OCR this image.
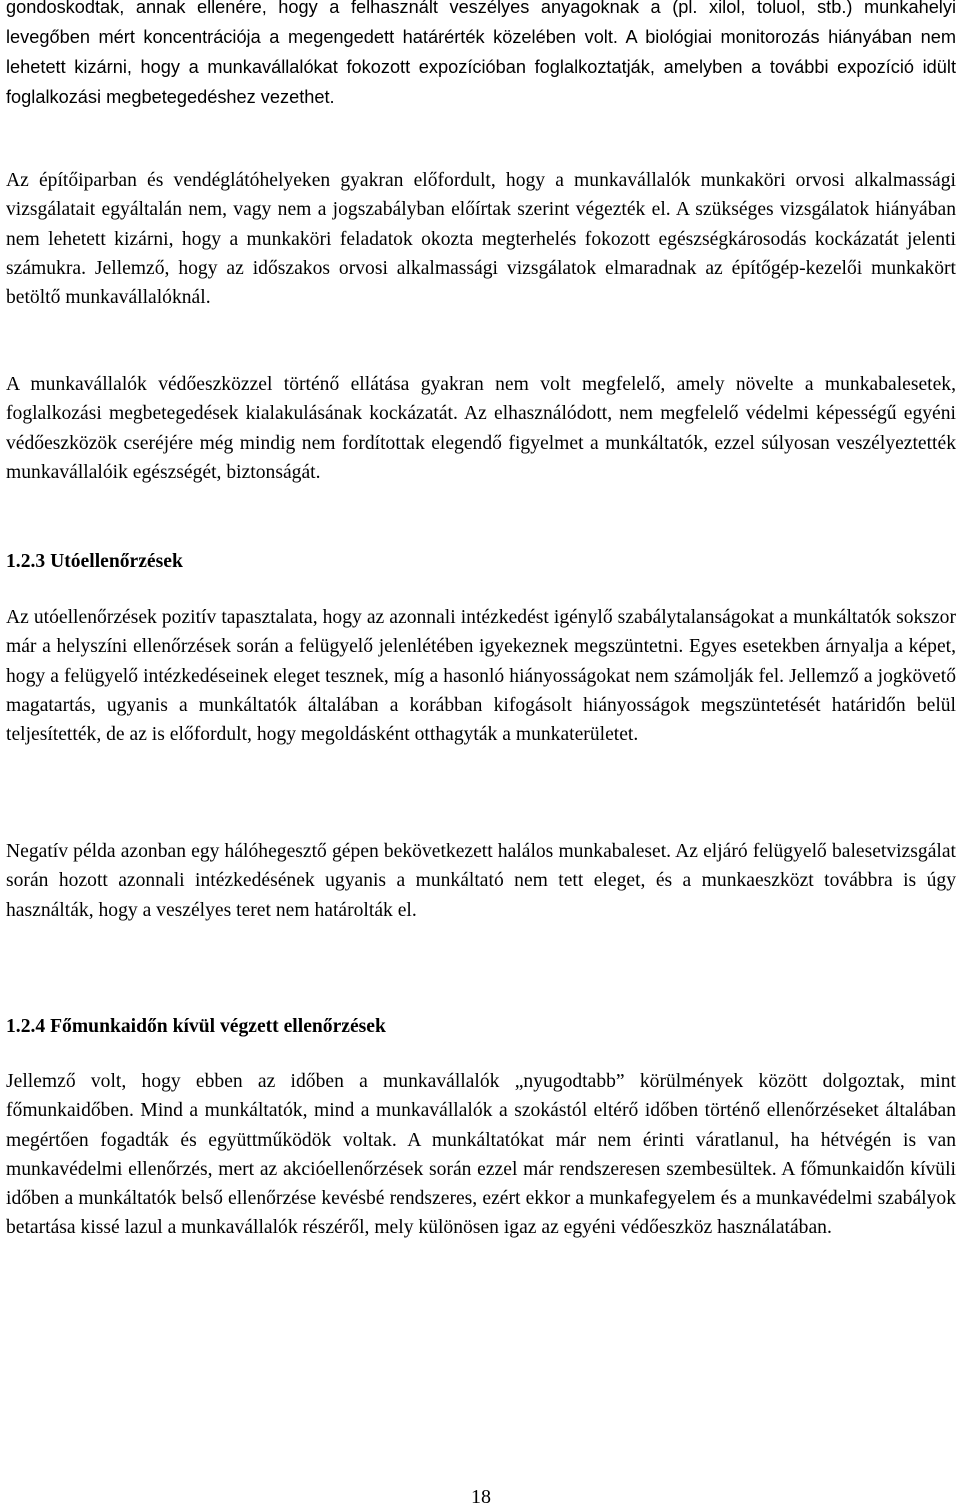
gondoskodtak, annak ellenére, hogy a felhasznált veszélyes anyagoknak a (pl. xilol, toluol, stb.) munkahelyi levegőben mért koncentrációja a megengedett határérték közelében volt. A biológiai monitorozás hiányában nem lehetett kizárni, hogy a munkavállalókat fokozott expozícióban foglalkoztatják, amelyben a további expozíció idült foglalkozási megbetegedéshez vezethet.

Az építőiparban és vendéglátóhelyeken gyakran előfordult, hogy a munkavállalók munkaköri orvosi alkalmassági vizsgálatait egyáltalán nem, vagy nem a jogszabályban előírtak szerint végezték el. A szükséges vizsgálatok hiányában nem lehetett kizárni, hogy a munkaköri feladatok okozta megterhelés fokozott egészségkárosodás kockázatát jelenti számukra. Jellemző, hogy az időszakos orvosi alkalmassági vizsgálatok elmaradnak az építőgép-kezelői munkakört betöltő munkavállalóknál.

A munkavállalók védőeszközzel történő ellátása gyakran nem volt megfelelő, amely növelte a munkabalesetek, foglalkozási megbetegedések kialakulásának kockázatát. Az elhasználódott, nem megfelelő védelmi képességű egyéni védőeszközök cseréjére még mindig nem fordítottak elegendő figyelmet a munkáltatók, ezzel súlyosan veszélyeztették munkavállalóik egészségét, biztonságát.

1.2.3 Utóellenőrzések

Az utóellenőrzések pozitív tapasztalata, hogy az azonnali intézkedést igénylő szabálytalanságokat a munkáltatók sokszor már a helyszíni ellenőrzések során a felügyelő jelenlétében igyekeznek megszüntetni. Egyes esetekben árnyalja a képet, hogy a felügyelő intézkedéseinek eleget tesznek, míg a hasonló hiányosságokat nem számolják fel. Jellemző a jogkövető magatartás, ugyanis a munkáltatók általában a korábban kifogásolt hiányosságok megszüntetését határidőn belül teljesítették, de az is előfordult, hogy megoldásként otthagyták a munkaterületet.

Negatív példa azonban egy hálóhegesztő gépen bekövetkezett halálos munkabaleset. Az eljáró felügyelő balesetvizsgálat során hozott azonnali intézkedésének ugyanis a munkáltató nem tett eleget, és a munkaeszközt továbbra is úgy használták, hogy a veszélyes teret nem határolták el.

1.2.4 Főmunkaidőn kívül végzett ellenőrzések

Jellemző volt, hogy ebben az időben a munkavállalók „nyugodtabb” körülmények között dolgoztak, mint főmunkaidőben. Mind a munkáltatók, mind a munkavállalók a szokástól eltérő időben történő ellenőrzéseket általában megértően fogadták és együttműködök voltak. A munkáltatókat már nem érinti váratlanul, ha hétvégén is van munkavédelmi ellenőrzés, mert az akcióellenőrzések során ezzel már rendszeresen szembesültek. A főmunkaidőn kívüli időben a munkáltatók belső ellenőrzése kevésbé rendszeres, ezért ekkor a munkafegyelem és a munkavédelmi szabályok betartása kissé lazul a munkavállalók részéről, mely különösen igaz az egyéni védőeszköz használatában.

18
